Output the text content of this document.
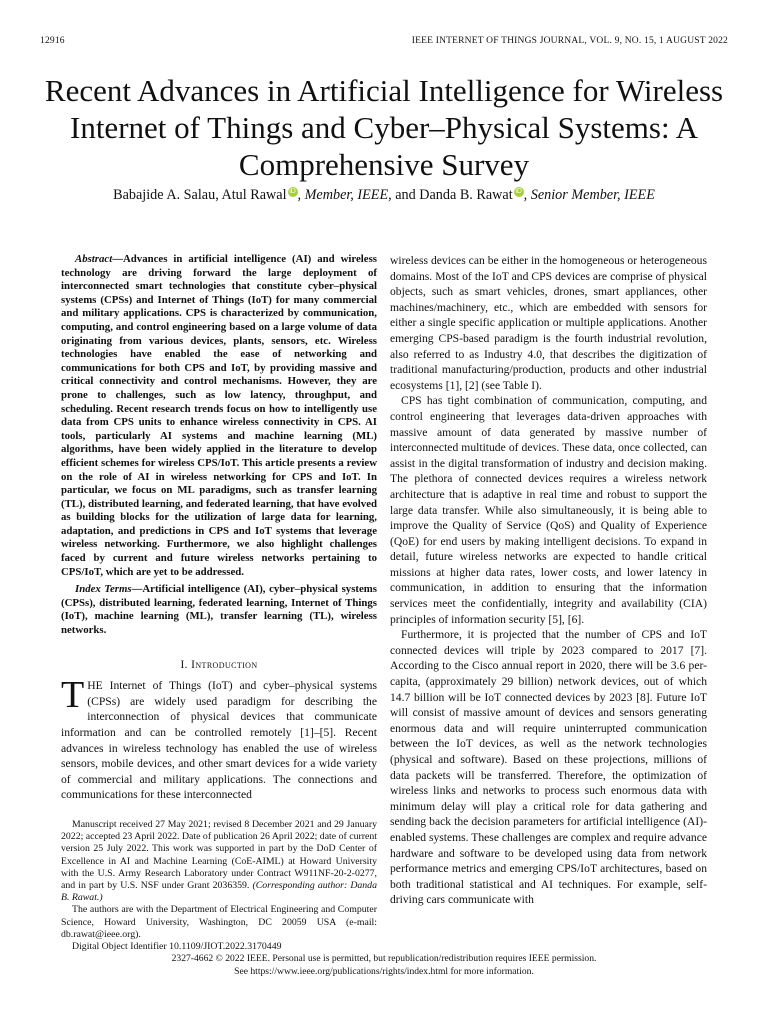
12916	IEEE INTERNET OF THINGS JOURNAL, VOL. 9, NO. 15, 1 AUGUST 2022
Recent Advances in Artificial Intelligence for Wireless Internet of Things and Cyber–Physical Systems: A Comprehensive Survey
Babajide A. Salau, Atul Rawal iD , Member, IEEE, and Danda B. Rawat iD , Senior Member, IEEE

Abstract—Advances in artificial intelligence (AI) and wireless technology are driving forward the large deployment of interconnected smart technologies that constitute cyber–physical systems (CPSs) and Internet of Things (IoT) for many commercial and military applications. CPS is characterized by communication, computing, and control engineering based on a large volume of data originating from various devices, plants, sensors, etc. Wireless technologies have enabled the ease of networking and communications for both CPS and IoT, by providing massive and critical connectivity and control mechanisms. However, they are prone to challenges, such as low latency, throughput, and scheduling. Recent research trends focus on how to intelligently use data from CPS units to enhance wireless connectivity in CPS. AI tools, particularly AI systems and machine learning (ML) algorithms, have been widely applied in the literature to develop efficient schemes for wireless CPS/IoT. This article presents a review on the role of AI in wireless networking for CPS and IoT. In particular, we focus on ML paradigms, such as transfer learning (TL), distributed learning, and federated learning, that have evolved as building blocks for the utilization of large data for learning, adaptation, and predictions in CPS and IoT systems that leverage wireless networking. Furthermore, we also highlight challenges faced by current and future wireless networks pertaining to CPS/IoT, which are yet to be addressed.

Index Terms—Artificial intelligence (AI), cyber–physical systems (CPSs), distributed learning, federated learning, Internet of Things (IoT), machine learning (ML), transfer learning (TL), wireless networks.

I. Introduction

THE Internet of Things (IoT) and cyber–physical systems (CPSs) are widely used paradigm for describing the interconnection of physical devices that communicate information and can be controlled remotely [1]–[5]. Recent advances in wireless technology has enabled the use of wireless sensors, mobile devices, and other smart devices for a wide variety of commercial and military applications. The connections and communications for these interconnected

Manuscript received 27 May 2021; revised 8 December 2021 and 29 January 2022; accepted 23 April 2022. Date of publication 26 April 2022; date of current version 25 July 2022. This work was supported in part by the DoD Center of Excellence in AI and Machine Learning (CoE-AIML) at Howard University with the U.S. Army Research Laboratory under Contract W911NF-20-2-0277, and in part by U.S. NSF under Grant 2036359. (Corresponding author: Danda B. Rawat.)

The authors are with the Department of Electrical Engineering and Computer Science, Howard University, Washington, DC 20059 USA (e-mail: db.rawat@ieee.org).

Digital Object Identifier 10.1109/JIOT.2022.3170449

wireless devices can be either in the homogeneous or heterogeneous domains. Most of the IoT and CPS devices are comprise of physical objects, such as smart vehicles, drones, smart appliances, other machines/machinery, etc., which are embedded with sensors for either a single specific application or multiple applications. Another emerging CPS-based paradigm is the fourth industrial revolution, also referred to as Industry 4.0, that describes the digitization of traditional manufacturing/production, products and other industrial ecosystems [1], [2] (see Table I).

CPS has tight combination of communication, computing, and control engineering that leverages data-driven approaches with massive amount of data generated by massive number of interconnected multitude of devices. These data, once collected, can assist in the digital transformation of industry and decision making. The plethora of connected devices requires a wireless network architecture that is adaptive in real time and robust to support the large data transfer. While also simultaneously, it is being able to improve the Quality of Service (QoS) and Quality of Experience (QoE) for end users by making intelligent decisions. To expand in detail, future wireless networks are expected to handle critical missions at higher data rates, lower costs, and lower latency in communication, in addition to ensuring that the information services meet the confidentially, integrity and availability (CIA) principles of information security [5], [6].

Furthermore, it is projected that the number of CPS and IoT connected devices will triple by 2023 compared to 2017 [7]. According to the Cisco annual report in 2020, there will be 3.6 per-capita, (approximately 29 billion) network devices, out of which 14.7 billion will be IoT connected devices by 2023 [8]. Future IoT will consist of massive amount of devices and sensors generating enormous data and will require uninterrupted communication between the IoT devices, as well as the network technologies (physical and software). Based on these projections, millions of data packets will be transferred. Therefore, the optimization of wireless links and networks to process such enormous data with minimum delay will play a critical role for data gathering and sending back the decision parameters for artificial intelligence (AI)-enabled systems. These challenges are complex and require advance hardware and software to be developed using data from network performance metrics and emerging CPS/IoT architectures, based on both traditional statistical and AI techniques. For example, self-driving cars communicate with

2327-4662 © 2022 IEEE. Personal use is permitted, but republication/redistribution requires IEEE permission.
See https://www.ieee.org/publications/rights/index.html for more information.
